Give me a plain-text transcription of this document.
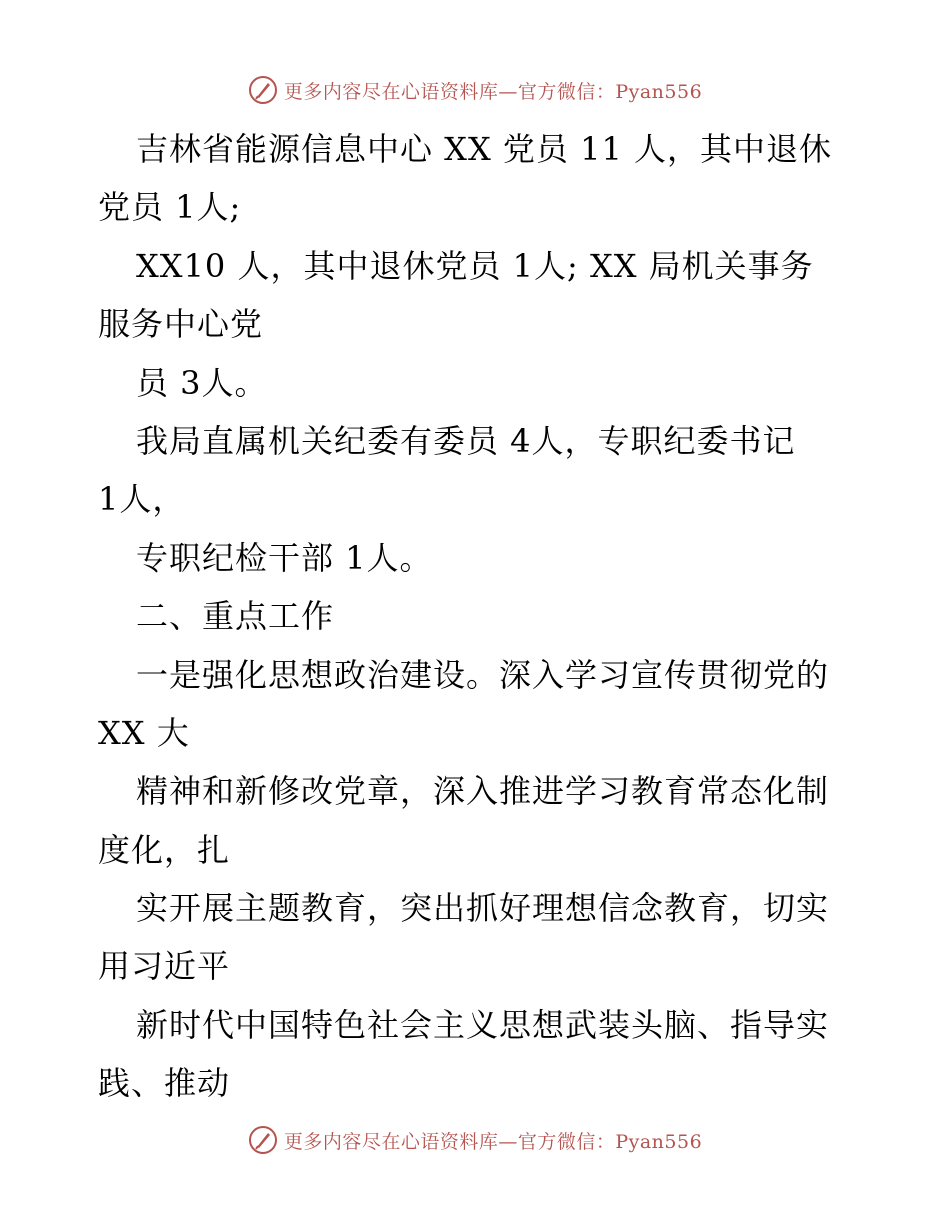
更多内容尽在心语资料库—官方微信：Pyan556
吉林省能源信息中心 XX 党员 11 人，其中退休
党员 1人;
XX10 人，其中退休党员 1人; XX 局机关事务
服务中心党
员 3人。
我局直属机关纪委有委员 4人，专职纪委书记
1人，
专职纪检干部 1人。
二、重点工作
一是强化思想政治建设。深入学习宣传贯彻党的
XX 大
精神和新修改党章，深入推进学习教育常态化制
度化，扎
实开展主题教育，突出抓好理想信念教育，切实
用习近平
新时代中国特色社会主义思想武装头脑、指导实
践、推动
更多内容尽在心语资料库—官方微信：Pyan556
